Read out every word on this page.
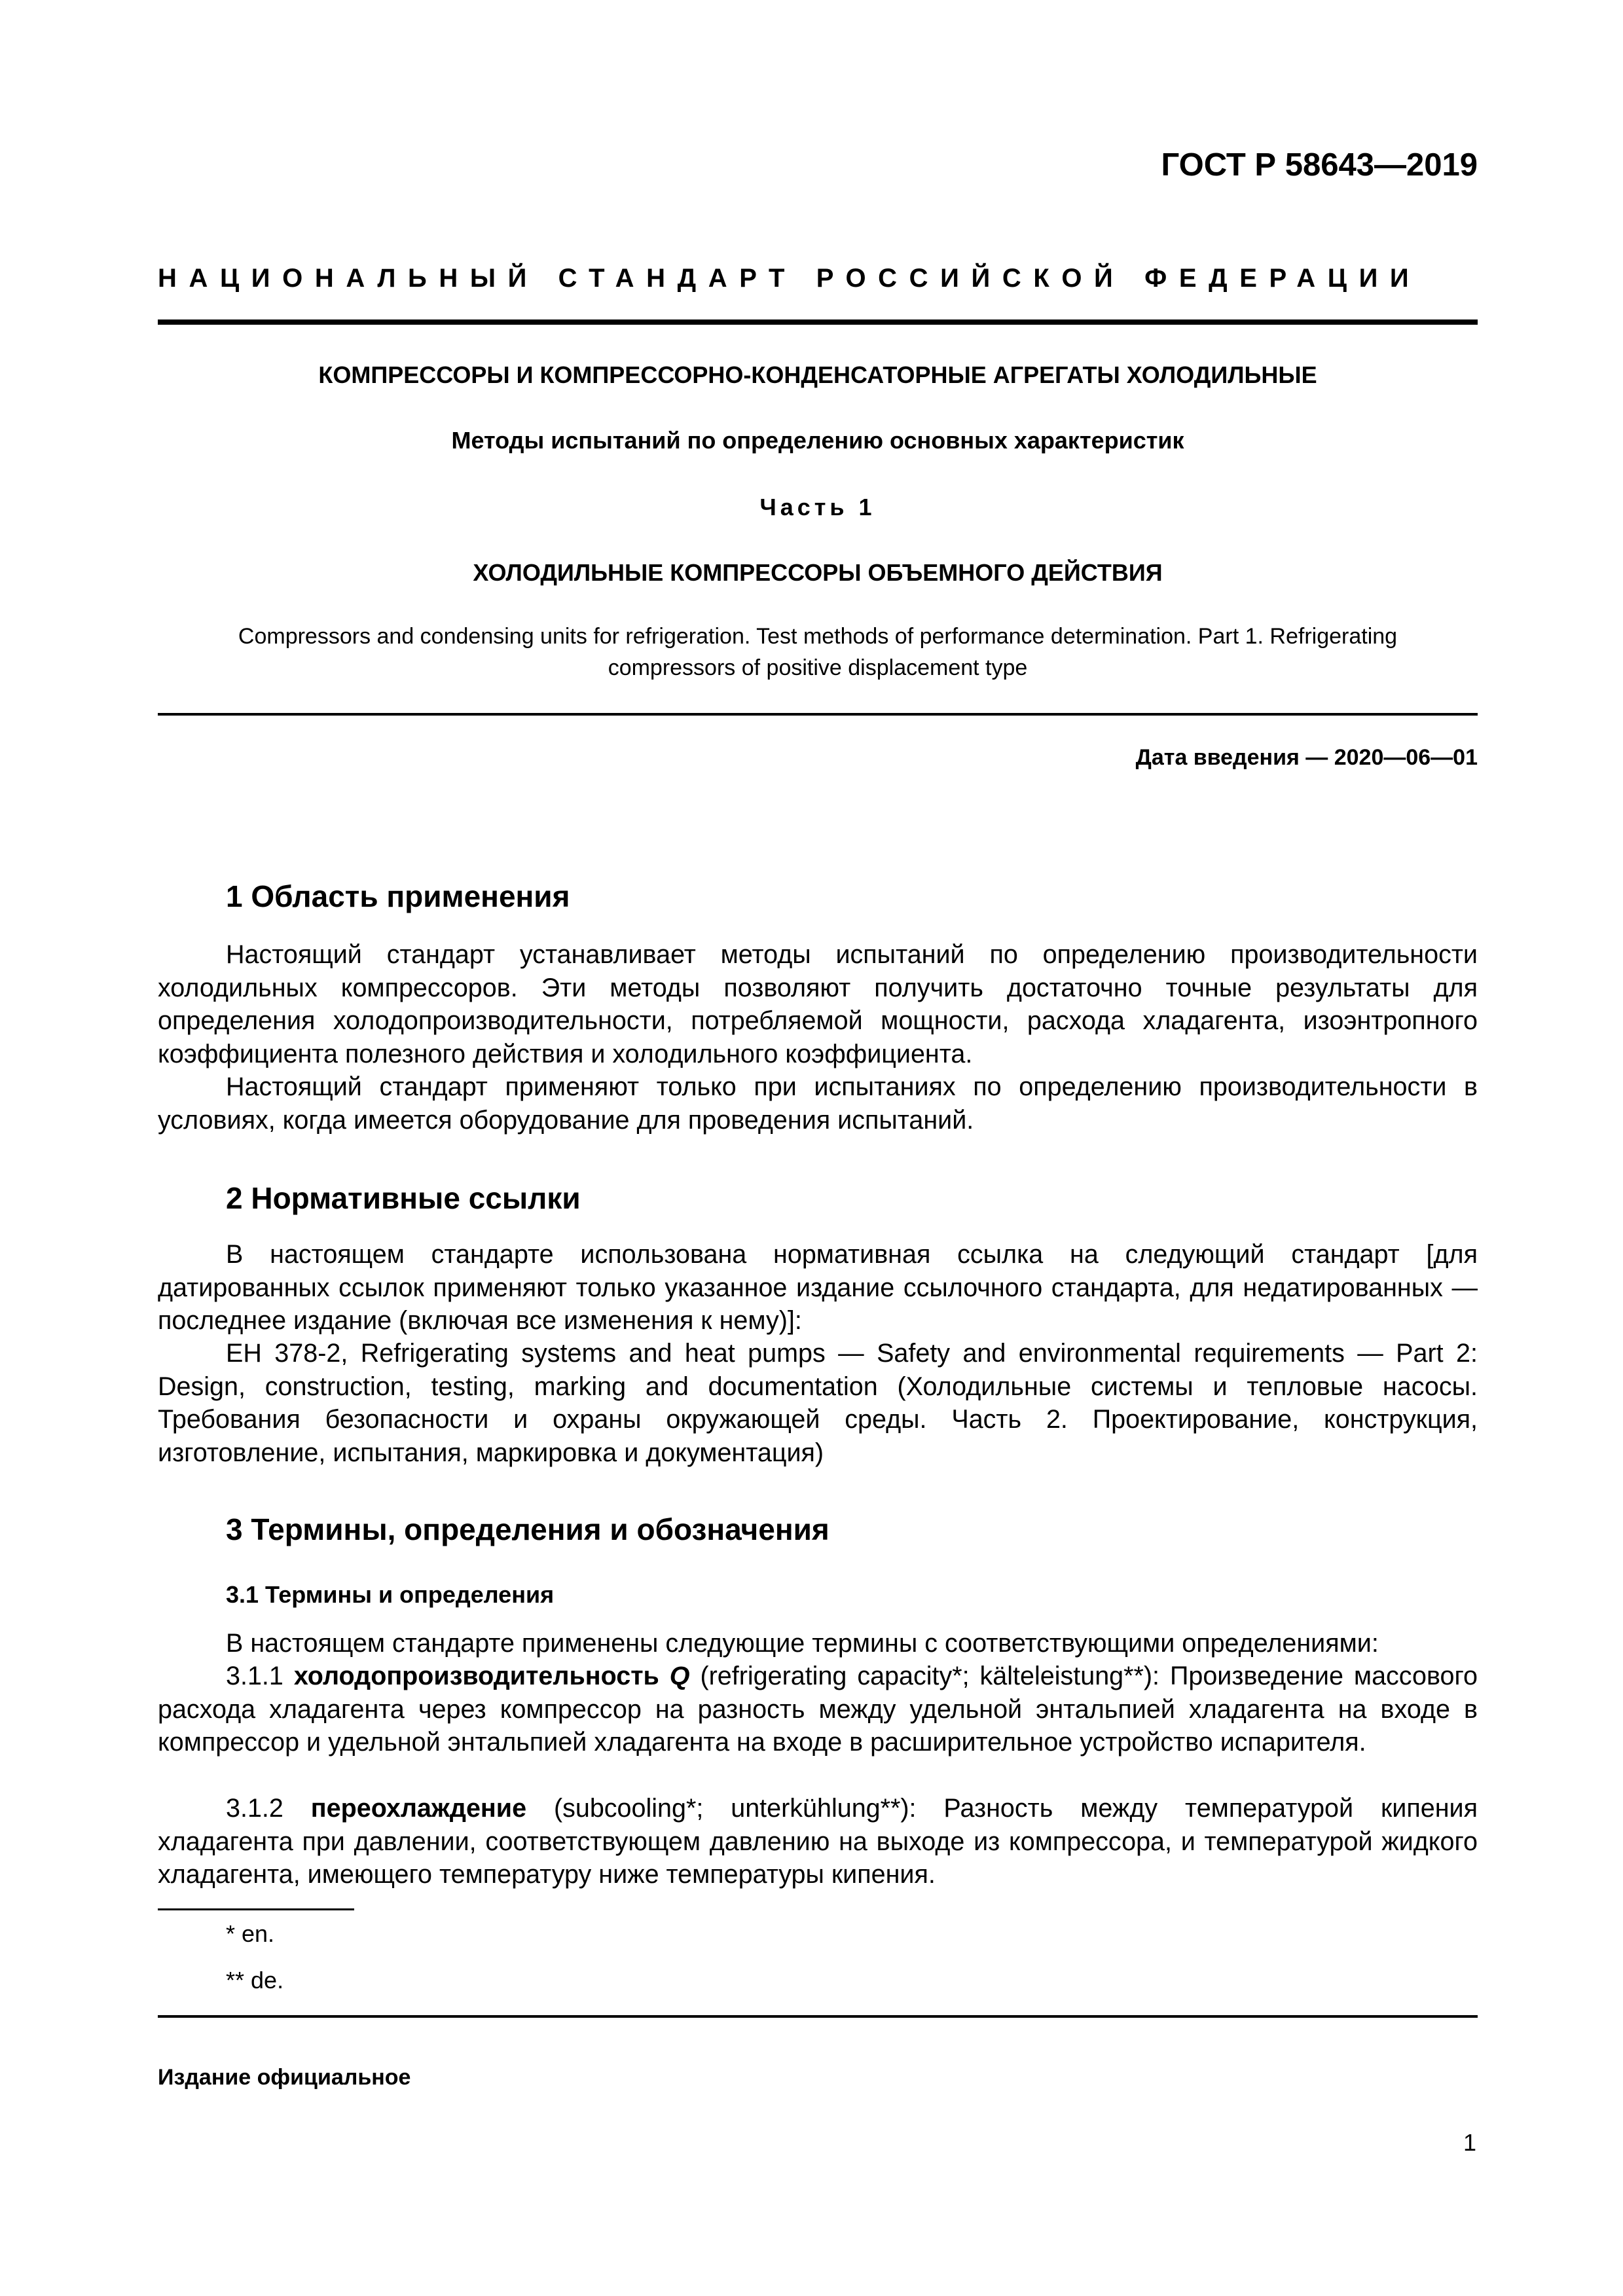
ГОСТ Р 58643—2019
НАЦИОНАЛЬНЫЙ СТАНДАРТ РОССИЙСКОЙ ФЕДЕРАЦИИ
КОМПРЕССОРЫ И КОМПРЕССОРНО-КОНДЕНСАТОРНЫЕ АГРЕГАТЫ ХОЛОДИЛЬНЫЕ
Методы испытаний по определению основных характеристик
Часть 1
ХОЛОДИЛЬНЫЕ КОМПРЕССОРЫ ОБЪЕМНОГО ДЕЙСТВИЯ
Compressors and condensing units for refrigeration. Test methods of performance determination. Part 1. Refrigerating
compressors of positive displacement type
Дата введения — 2020—06—01
1 Область применения

Настоящий стандарт устанавливает методы испытаний по определению производительности холодильных компрессоров. Эти методы позволяют получить достаточно точные результаты для определения холодопроизводительности, потребляемой мощности, расхода хладагента, изоэнтропного коэффициента полезного действия и холодильного коэффициента.

Настоящий стандарт применяют только при испытаниях по определению производительности в условиях, когда имеется оборудование для проведения испытаний.

2 Нормативные ссылки

В настоящем стандарте использована нормативная ссылка на следующий стандарт [для датированных ссылок применяют только указанное издание ссылочного стандарта, для недатированных — последнее издание (включая все изменения к нему)]:

EH 378-2, Refrigerating systems and heat pumps — Safety and environmental requirements — Part 2: Design, construction, testing, marking and documentation (Холодильные системы и тепловые насосы. Требования безопасности и охраны окружающей среды. Часть 2. Проектирование, конструкция, изготовление, испытания, маркировка и документация)

3 Термины, определения и обозначения
3.1 Термины и определения

В настоящем стандарте применены следующие термины с соответствующими определениями:

3.1.1 холодопроизводительность Q (refrigerating capacity*; kälteleistung**): Произведение массового расхода хладагента через компрессор на разность между удельной энтальпией хладагента на входе в компрессор и удельной энтальпией хладагента на входе в расширительное устройство испарителя.

3.1.2 переохлаждение (subcooling*; unterkühlung**): Разность между температурой кипения хладагента при давлении, соответствующем давлению на выходе из компрессора, и температурой жидкого хладагента, имеющего температуру ниже температуры кипения.

* en.
** de.
Издание официальное
1
